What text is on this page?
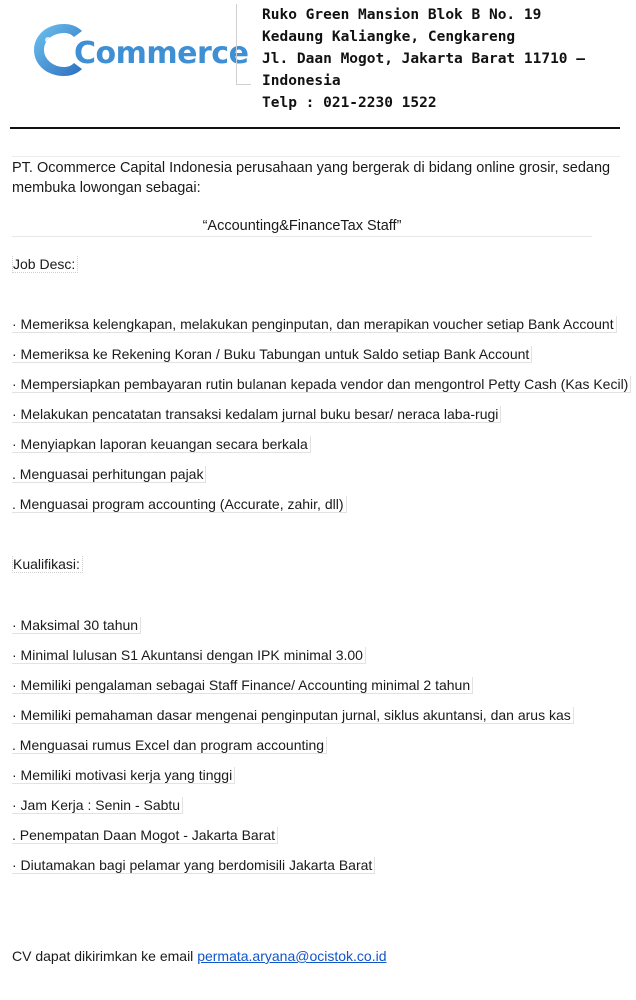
Commerce
Ruko Green Mansion Blok B No. 19
Kedaung Kaliangke, Cengkareng
Jl. Daan Mogot, Jakarta Barat 11710 –
Indonesia
Telp : 021-2230 1522
PT. Ocommerce Capital Indonesia perusahaan yang bergerak di bidang online grosir, sedang membuka lowongan sebagai:
“Accounting&FinanceTax Staff”
Job Desc:
· Memeriksa kelengkapan, melakukan penginputan, dan merapikan voucher setiap Bank Account
· Memeriksa ke Rekening Koran / Buku Tabungan untuk Saldo setiap Bank Account
· Mempersiapkan pembayaran rutin bulanan kepada vendor dan mengontrol Petty Cash (Kas Kecil)
· Melakukan pencatatan transaksi kedalam jurnal buku besar/ neraca laba-rugi
· Menyiapkan laporan keuangan secara berkala
. Menguasai perhitungan pajak
. Menguasai program accounting (Accurate, zahir, dll)
Kualifikasi:
· Maksimal 30 tahun
· Minimal lulusan S1 Akuntansi dengan IPK minimal 3.00
· Memiliki pengalaman sebagai Staff Finance/ Accounting minimal 2 tahun
· Memiliki pemahaman dasar mengenai penginputan jurnal, siklus akuntansi, dan arus kas
. Menguasai rumus Excel dan program accounting
· Memiliki motivasi kerja yang tinggi
· Jam Kerja : Senin - Sabtu
. Penempatan Daan Mogot - Jakarta Barat
· Diutamakan bagi pelamar yang berdomisili Jakarta Barat
CV dapat dikirimkan ke email permata.aryana@ocistok.co.id
